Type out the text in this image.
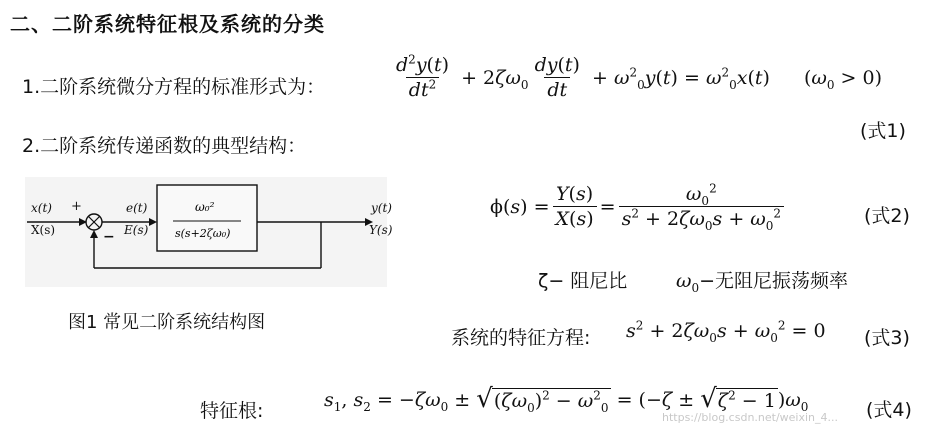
二、二阶系统特征根及系统的分类
1.二阶系统微分方程的标准形式为：	$\frac{d^2y(t)}{dt^2} + 2\zeta\omega_0 \frac{dy(t)}{dt} + \omega^2_0y(t) = \omega^2_0x(t) (\omega_0 > 0)$
(式1)
2.二阶系统传递函数的典型结构：
ω₀²
s(s+2ζω₀)
x(t)
X(s)
+
−
e(t)
E(s)
y(t)
Y(s)
图1 常见二阶系统结构图
$\phi(s) = \frac{Y(s)}{X(s)} = \frac{\omega_0^2}{s^2 + 2\zeta\omega_0s + \omega_0^2}$	(式2)
ζ− 阻尼比	$\omega_0-$无阻尼振荡频率
系统的特征方程: $s^2 + 2\zeta\omega_0s + \omega_0^2 = 0$ (式3)
特征根:	$s_1$, $s_2 = -\zeta\omega_0$ ± √ $(\zeta\omega_0)^2 - \omega^2_0 = (-\zeta$ ± √ $\zeta^2 - 1$ )$\omega_0$	(式4)
https://blog.csdn.net/weixin_4...
